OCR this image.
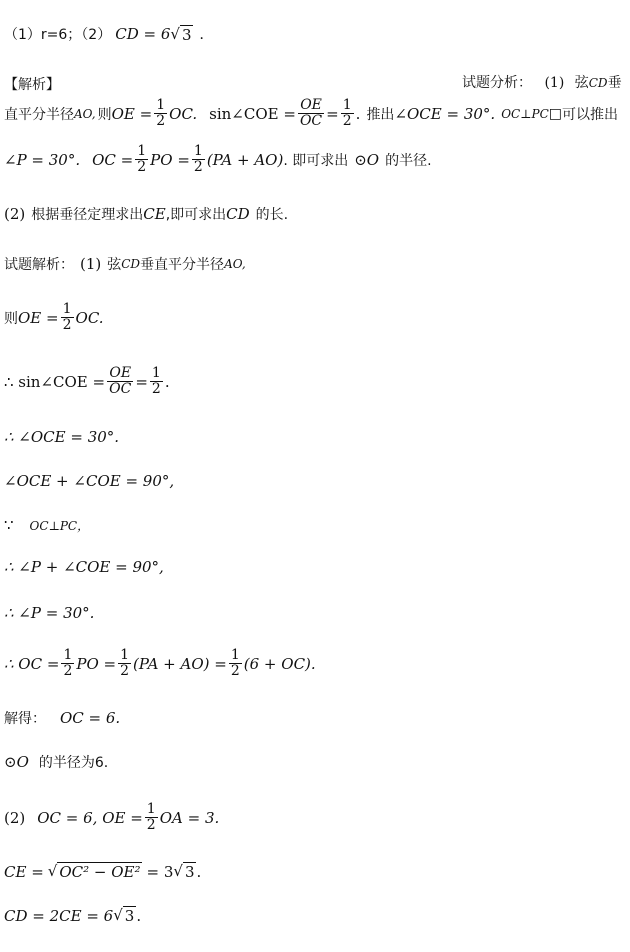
（1）r=6；（2） CD = 6 √ 3 ．
【解析】	试题分析： (1) 弦CD垂
直平分半径 AO, 则 OE = $\frac{1}{2}$ OC. sin∠COE = $\frac{OE}{OC} = \frac{1}{2}$ . 推出 ∠OCE = 30°. OC⊥PC □ 可以推出
∠P = 30°. OC = $\frac{1}{2}$ PO = $\frac{1}{2} (PA + AO)$ . 即可求出 ⊙O 的半径.
(2) 根据垂径定理求出 CE ,即可求出 CD 的长.
试题解析： (1) 弦 CD 垂直平分半径 AO,
则 OE = $\frac{1}{2}$ OC.
∴ sin∠COE = $\frac{OE}{OC} = \frac{1}{2}$ .
∴ ∠OCE = 30°.
∠OCE + ∠COE = 90°,
∵ OC⊥PC，
∴ ∠P + ∠COE = 90°,
∴ ∠P = 30°.
∴ OC = $\frac{1}{2}$ PO = $\frac{1}{2} (PA + AO) = \frac{1}{2} (6 + OC)$.
解得： OC = 6.
⊙O 的半径为6.
(2) OC = 6, OE = $\frac{1}{2}$ OA = 3.
CE = √ OC² − OE² = 3 √ 3 .
CD = 2CE = 6 √ 3 .
